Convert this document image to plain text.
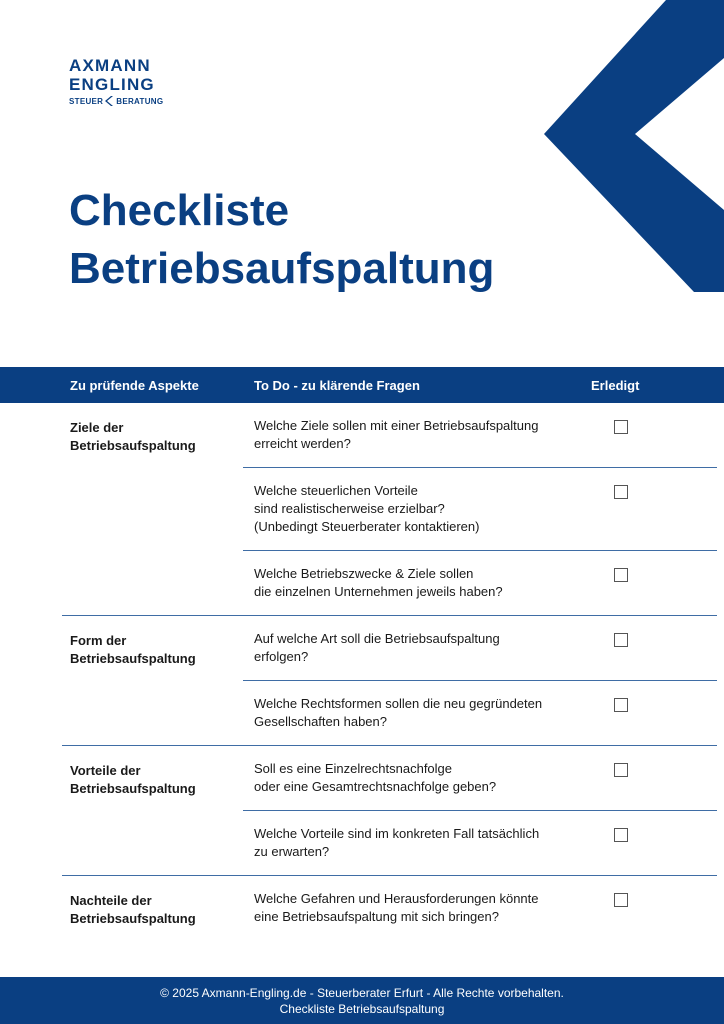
AXMANN
ENGLING
STEUER BERATUNG
Checkliste
Betriebsaufspaltung
Zu prüfende Aspekte	To Do - zu klärende Fragen	Erledigt
Ziele der Betriebsaufspaltung
Welche Ziele sollen mit einer Betriebsaufspaltung
erreicht werden?
Welche steuerlichen Vorteile
sind realistischerweise erzielbar?
(Unbedingt Steuerberater kontaktieren)
Welche Betriebszwecke & Ziele sollen
die einzelnen Unternehmen jeweils haben?
Form der Betriebsaufspaltung
Auf welche Art soll die Betriebsaufspaltung
erfolgen?
Welche Rechtsformen sollen die neu gegründeten
Gesellschaften haben?
Vorteile der Betriebsaufspaltung
Soll es eine Einzelrechtsnachfolge
oder eine Gesamtrechtsnachfolge geben?
Welche Vorteile sind im konkreten Fall tatsächlich
zu erwarten?
Nachteile der Betriebsaufspaltung
Welche Gefahren und Herausforderungen könnte
eine Betriebsaufspaltung mit sich bringen?
© 2025 Axmann-Engling.de - Steuerberater Erfurt - Alle Rechte vorbehalten.
Checkliste Betriebsaufspaltung
